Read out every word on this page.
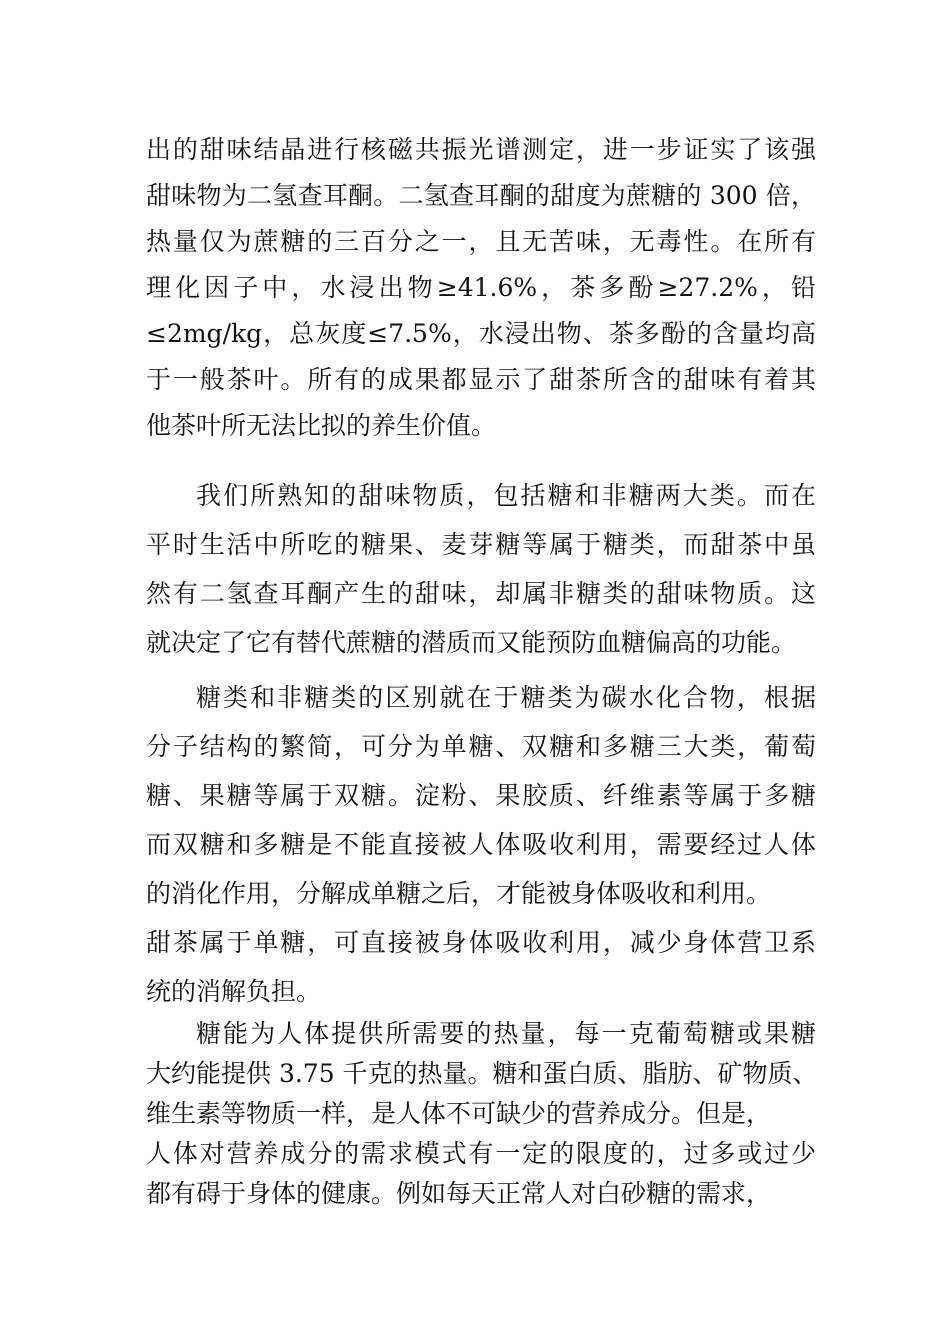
出的甜味结晶进行核磁共振光谱测定，进一步证实了该强
甜味物为二氢查耳酮。二氢查耳酮的甜度为蔗糖的 300 倍，
热量仅为蔗糖的三百分之一，且无苦味，无毒性。在所有
理化因子中，水浸出物≥41.6%，茶多酚≥27.2%，铅
≤2mg/kg，总灰度≤7.5%，水浸出物、茶多酚的含量均高
于一般茶叶。所有的成果都显示了甜茶所含的甜味有着其
他茶叶所无法比拟的养生价值。
我们所熟知的甜味物质，包括糖和非糖两大类。而在
平时生活中所吃的糖果、麦芽糖等属于糖类，而甜茶中虽
然有二氢查耳酮产生的甜味，却属非糖类的甜味物质。这
就决定了它有替代蔗糖的潜质而又能预防血糖偏高的功能。
糖类和非糖类的区别就在于糖类为碳水化合物，根据
分子结构的繁简，可分为单糖、双糖和多糖三大类，葡萄
糖、果糖等属于双糖。淀粉、果胶质、纤维素等属于多糖
而双糖和多糖是不能直接被人体吸收利用，需要经过人体
的消化作用，分解成单糖之后，才能被身体吸收和利用。
甜茶属于单糖，可直接被身体吸收利用，减少身体营卫系
统的消解负担。
糖能为人体提供所需要的热量，每一克葡萄糖或果糖
大约能提供 3.75 千克的热量。糖和蛋白质、脂肪、矿物质、
维生素等物质一样，是人体不可缺少的营养成分。但是，
人体对营养成分的需求模式有一定的限度的，过多或过少
都有碍于身体的健康。例如每天正常人对白砂糖的需求，
